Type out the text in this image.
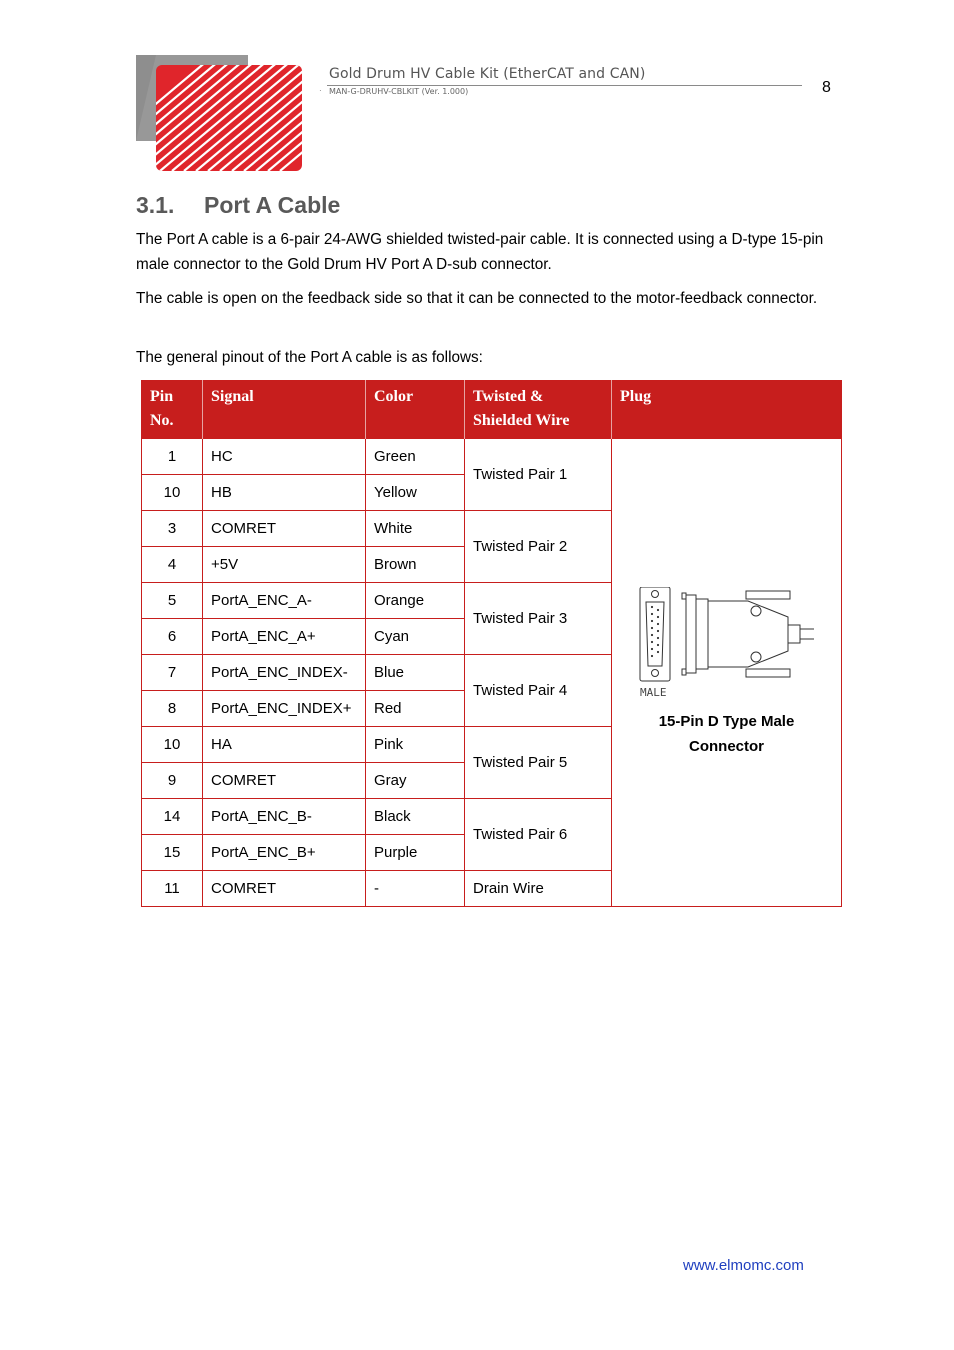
Gold Drum HV Cable Kit (EtherCAT and CAN)
· MAN-G-DRUHV-CBLKIT (Ver. 1.000)	8
3.1. Port A Cable

The Port A cable is a 6-pair 24-AWG shielded twisted-pair cable. It is connected using a D-type 15-pin male connector to the Gold Drum HV Port A D-sub connector.

The cable is open on the feedback side so that it can be connected to the motor-feedback connector.

The general pinout of the Port A cable is as follows:

Pin
No.	Signal	Color	Twisted &
Shielded Wire	Plug
1	HC	Green	Twisted Pair 1	MALE
15-Pin D Type Male
Connector

10	HB	Yellow		
3	COMRET	White	Twisted Pair 2	
4	+5V	Brown		
5	PortA_ENC_A-	Orange	Twisted Pair 3	
6	PortA_ENC_A+	Cyan		
7	PortA_ENC_INDEX-	Blue	Twisted Pair 4	
8	PortA_ENC_INDEX+	Red		
10	HA	Pink	Twisted Pair 5	
9	COMRET	Gray		
14	PortA_ENC_B-	Black	Twisted Pair 6	
15	PortA_ENC_B+	Purple		
11	COMRET	-	Drain Wire	
www.elmomc.com
